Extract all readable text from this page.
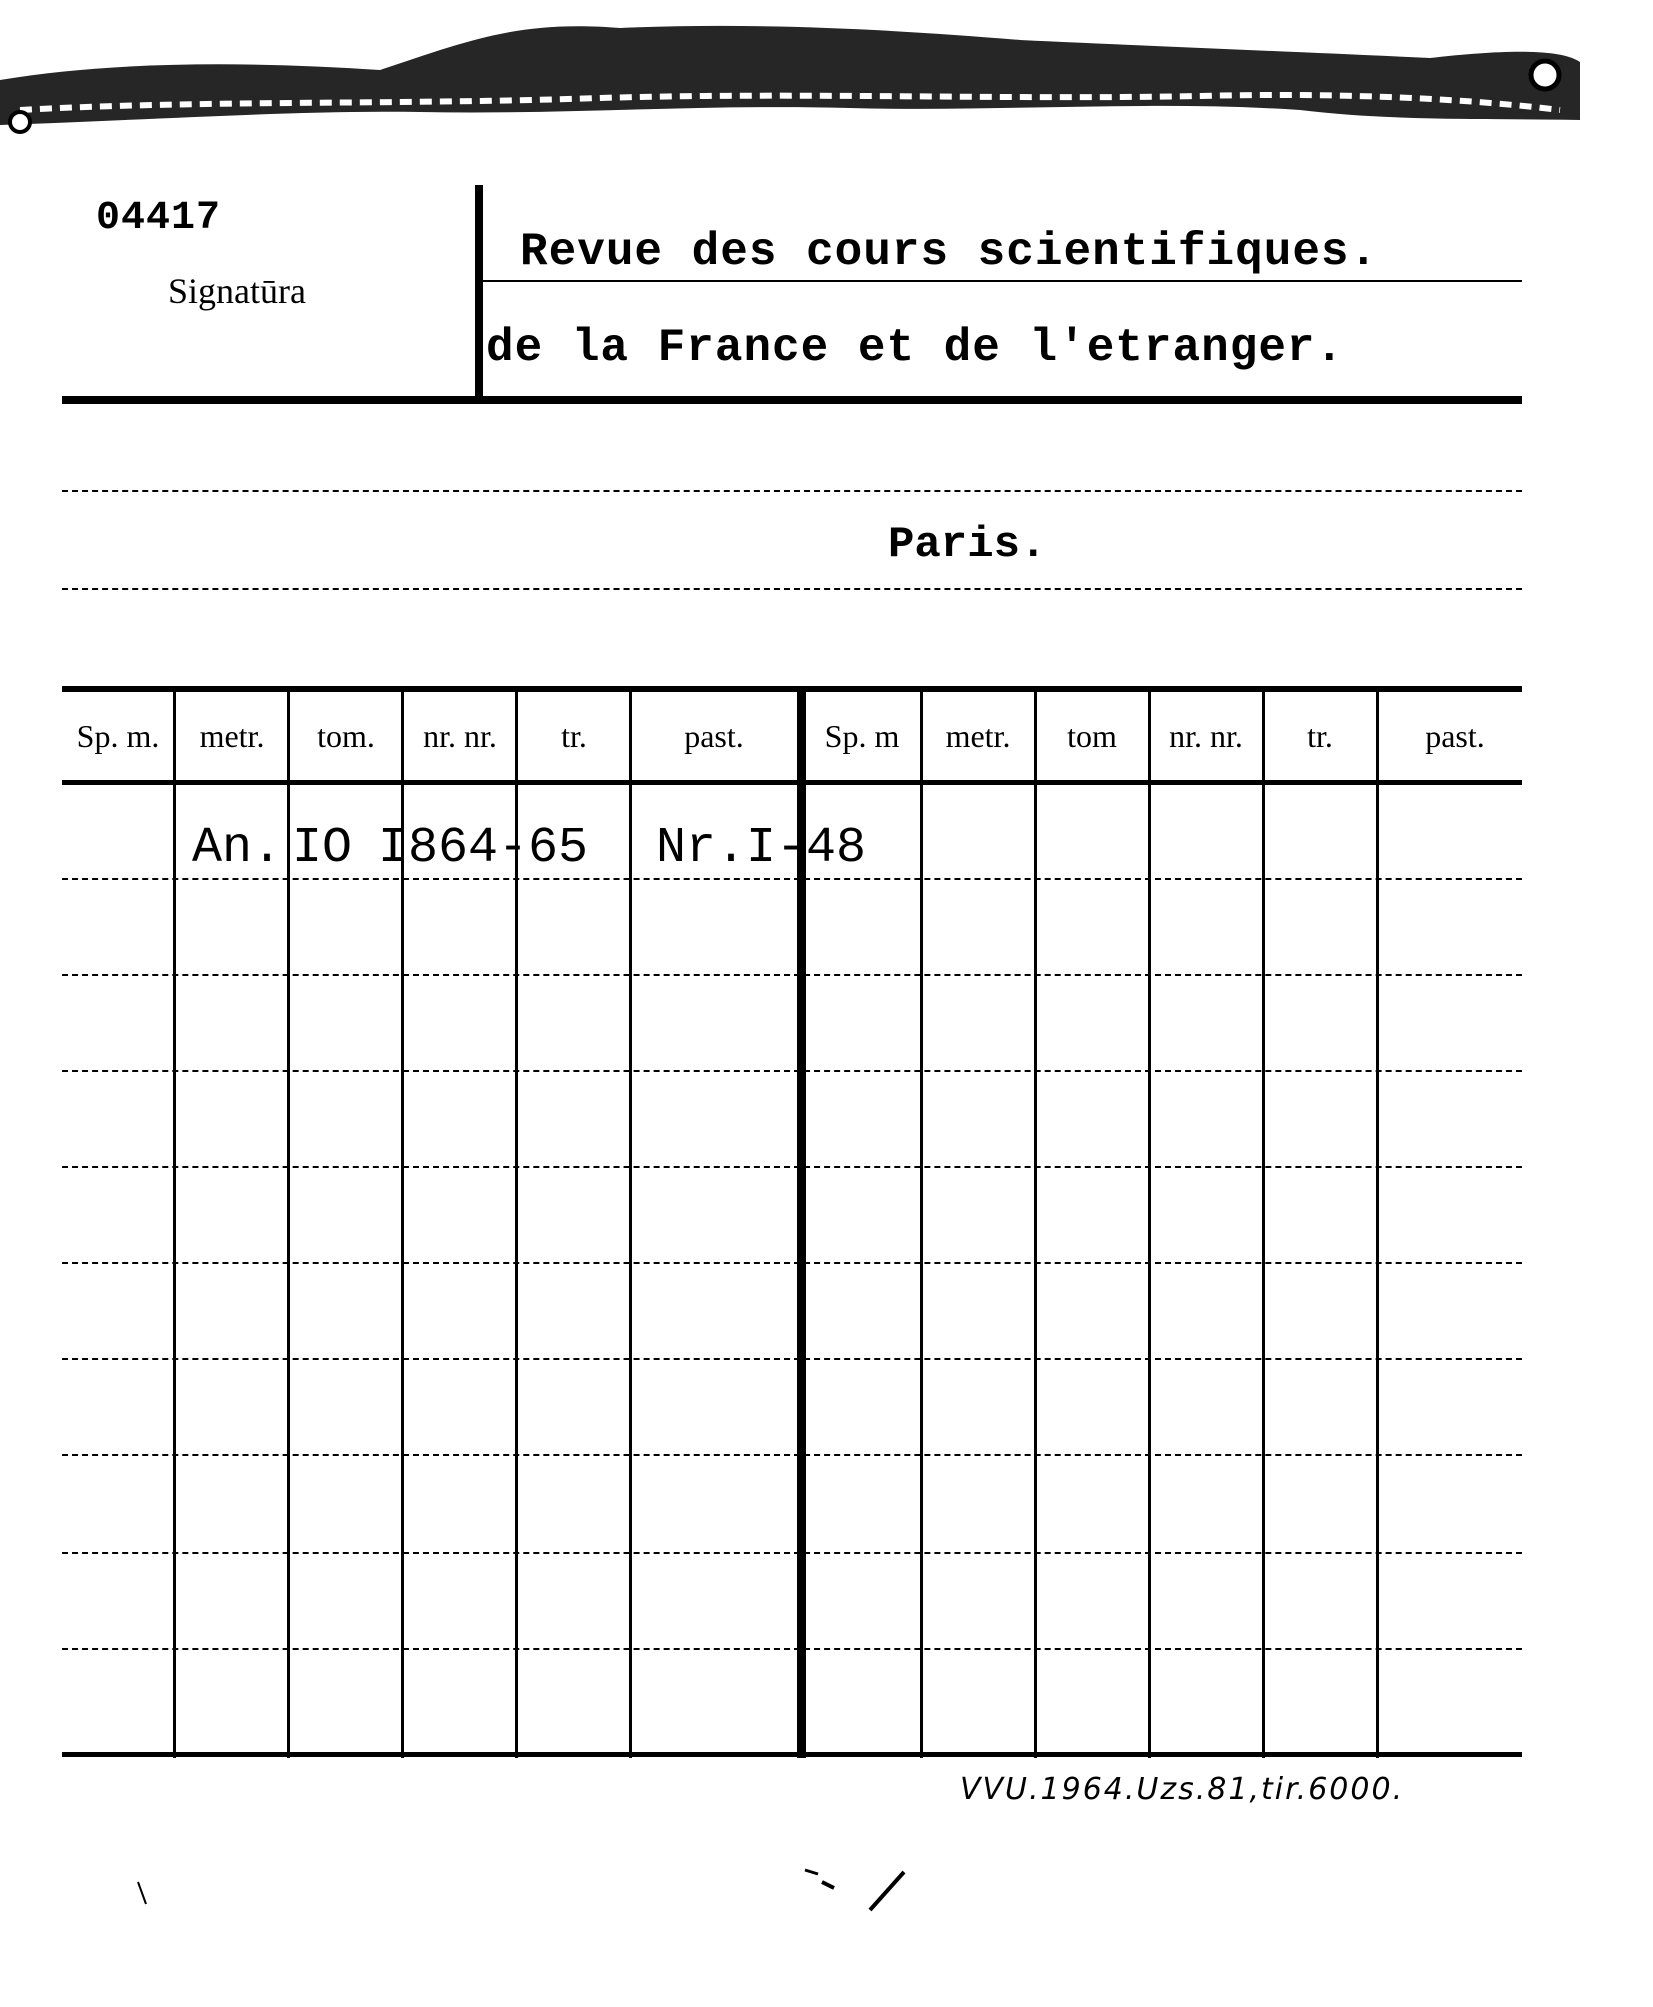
04417
Signatūra
Revue des cours scientifiques.
de la France et de l'etranger.
Paris.
Sp. m.	metr.	tom.	nr. nr.	tr.	past.	Sp. m	metr.	tom	nr. nr.	tr.	past.
An. IO I864-65 Nr.I-48
VVU.1964.Uzs.81,tir.6000.
